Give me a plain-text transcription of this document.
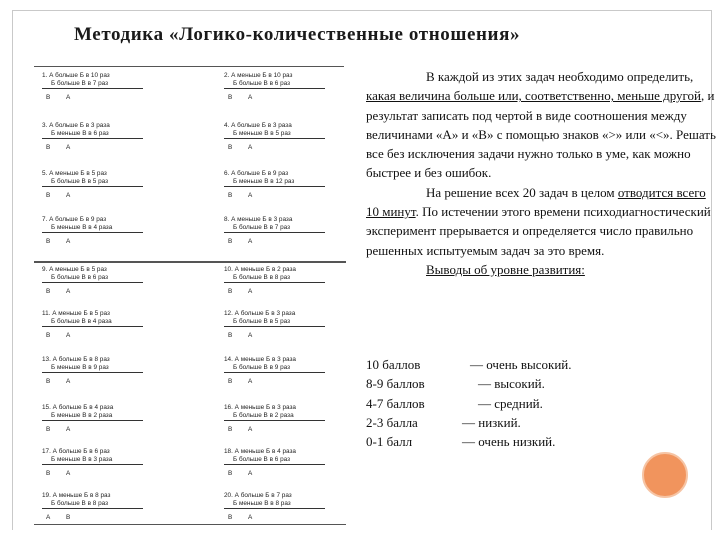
Методика «Логико-количественные отношения»
1. А больше Б в 10 раз
Б больше В в 7 раз
В А
2. А меньше Б в 10 раз
Б больше В в 6 раз
В А
3. А больше Б в 3 раза
Б меньше В в 6 раз
В А
4. А больше Б в 3 раза
Б меньше В в 5 раз
В А
5. А меньше Б в 5 раз
Б больше В в 5 раз
В А
6. А больше Б в 9 раз
Б меньше В в 12 раз
В А
7. А больше Б в 9 раз
Б меньше В в 4 раза
В А
8. А меньше Б в 3 раза
Б больше В в 7 раз
В А
9. А меньше Б в 5 раз
Б больше В в 6 раз
В А
10. А меньше Б в 2 раза
Б больше В в 8 раз
В А
11. А меньше Б в 5 раз
Б больше В в 4 раза
В А
12. А больше Б в 3 раза
Б больше В в 5 раз
В А
13. А больше Б в 8 раз
Б меньше В в 9 раз
В А
14. А меньше Б в 3 раза
Б больше В в 9 раз
В А
15. А больше Б в 4 раза
Б меньше В в 2 раза
В А
16. А меньше Б в 3 раза
Б больше В в 2 раза
В А
17. А больше Б в 6 раз
Б меньше В в 3 раза
В А
18. А меньше Б в 4 раза
Б больше В в 6 раз
В А
19. А меньше Б в 8 раз
Б больше В в 8 раз
А В
20. А больше Б в 7 раз
Б меньше В в 8 раз
В А

В каждой из этих задач необходимо определить, какая величина больше или, соответственно, меньше другой, и результат записать под чертой в виде соотношения между величинами «А» и «В» с помощью знаков «>» или «<». Решать все без исключения задачи нужно только в уме, как можно быстрее и без ошибок.

На решение всех 20 задач в целом отводится всего 10 минут. По истечении этого времени психодиагностический эксперимент прерывается и определяется число правильно решенных испытуемым задач за это время.

Выводы об уровне развития:

10 баллов	— очень высокий.
8-9 баллов	— высокий.
4-7 баллов	— средний.
2-3 балла	— низкий.
0-1 балл	— очень низкий.
